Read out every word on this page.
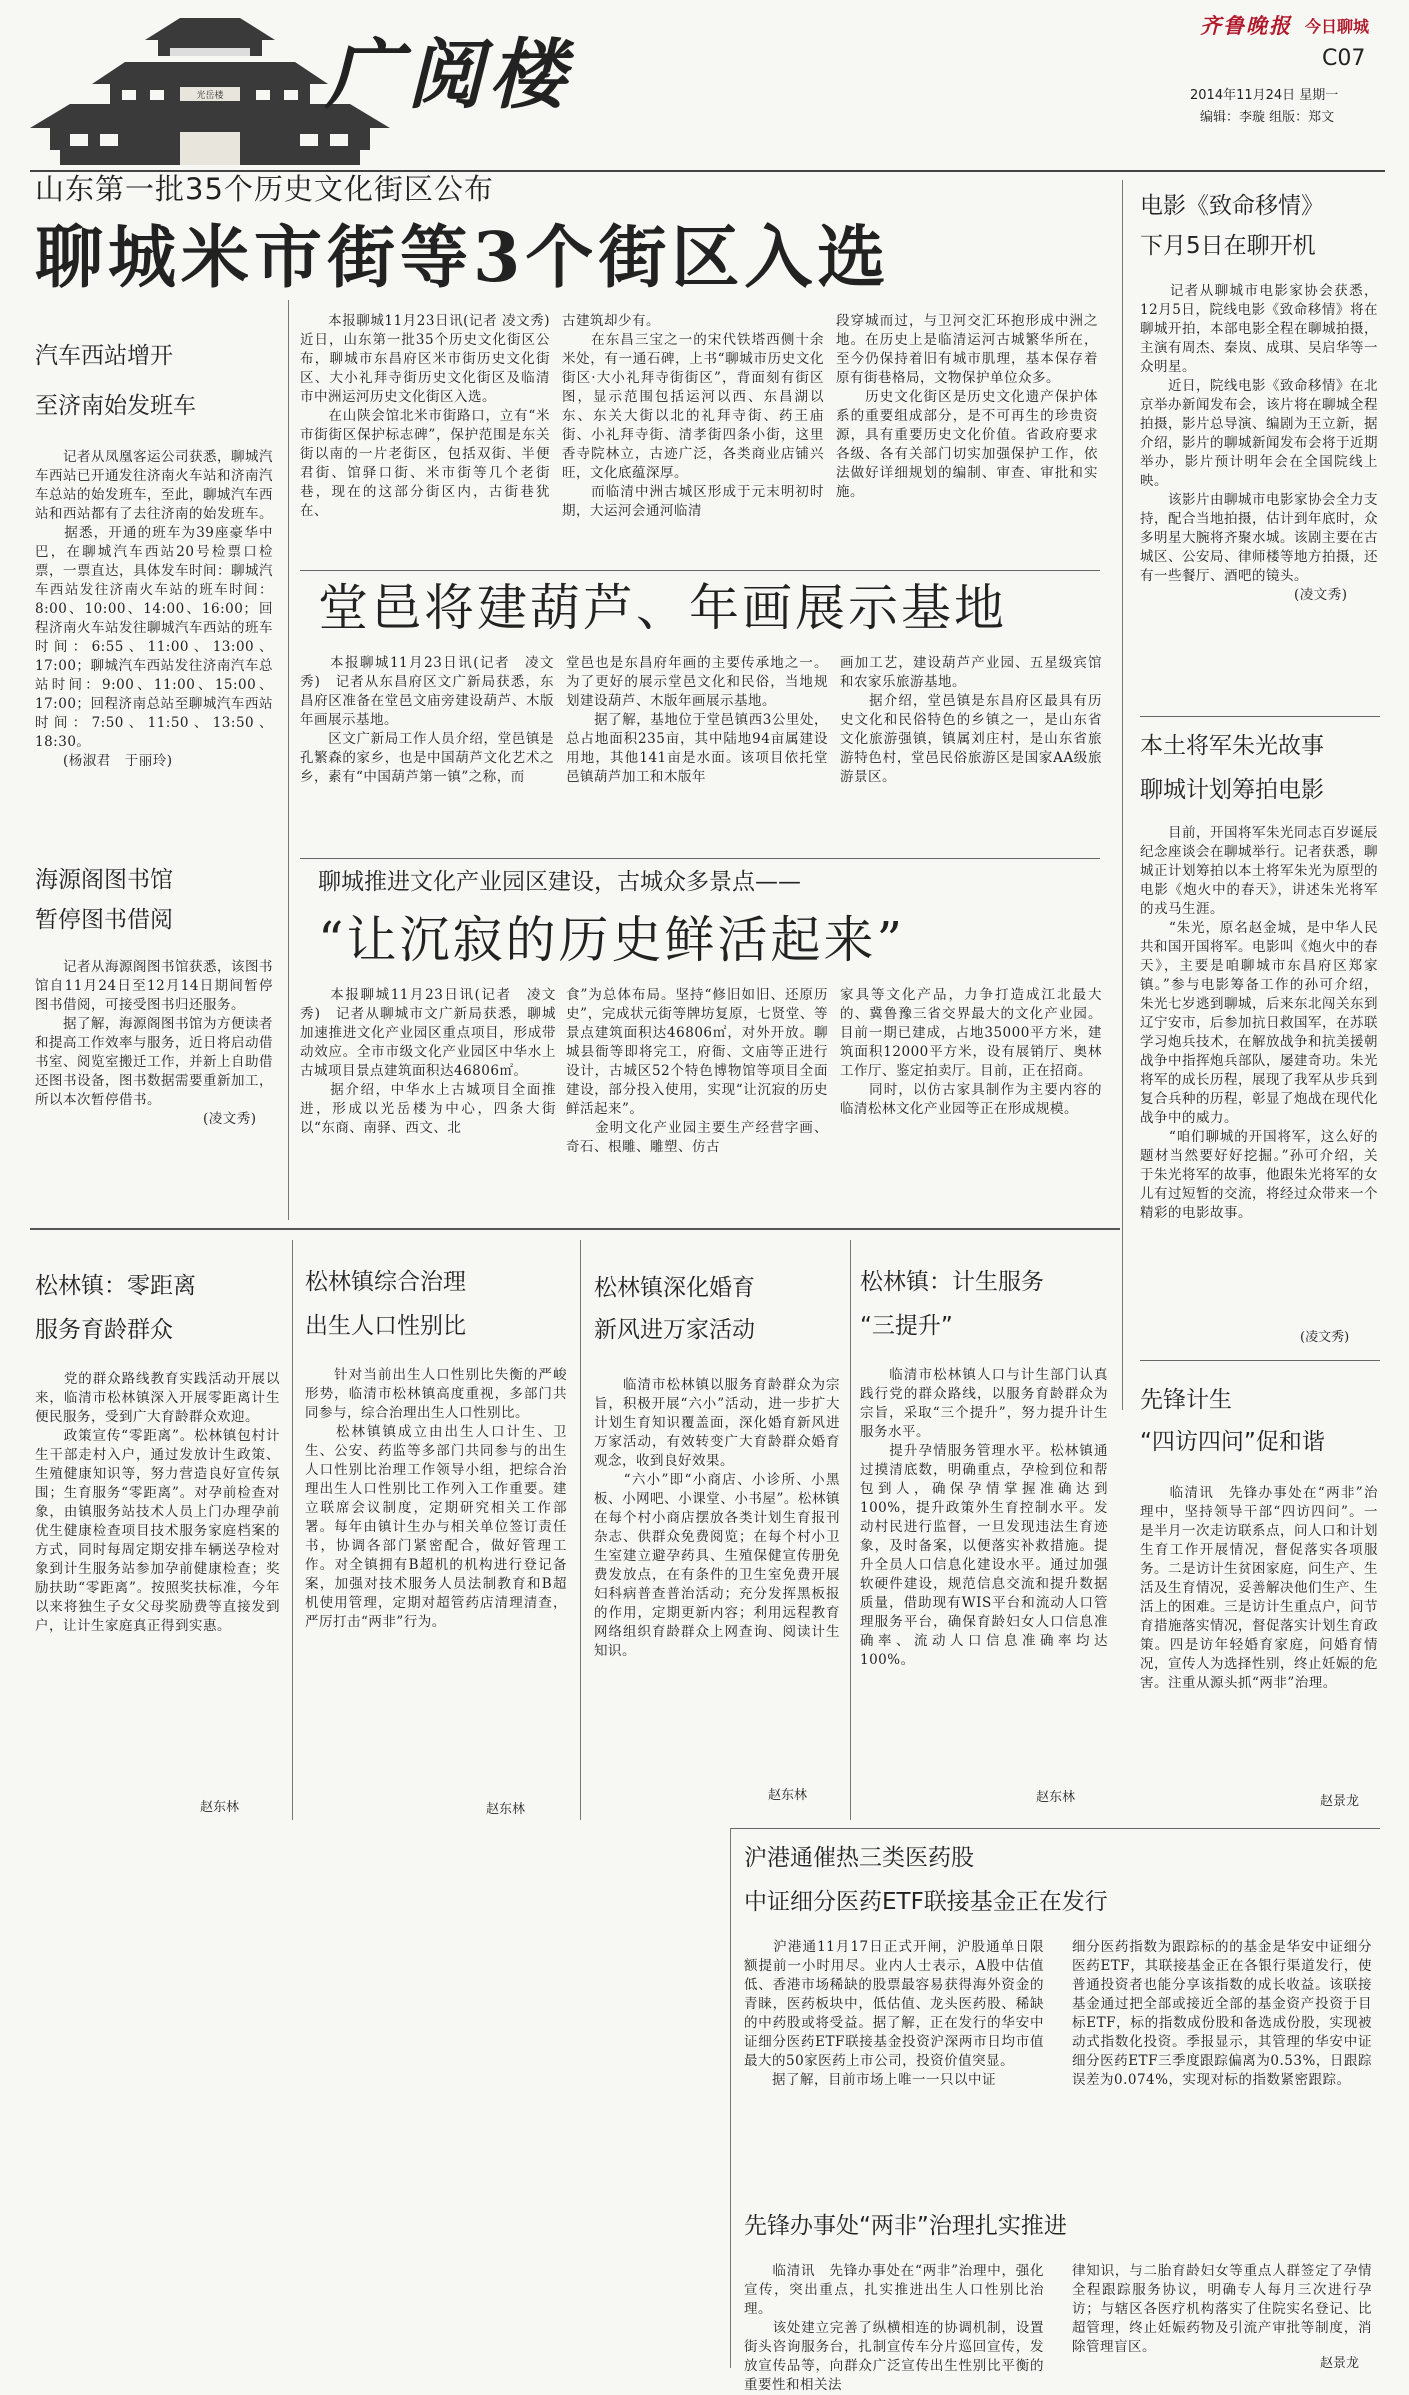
光岳楼 广阅楼
齐鲁晚报 今日聊城
C07
2014年11月24日 星期一
编辑：李璇 组版：郑文
山东第一批35个历史文化街区公布
聊城米市街等3个街区入选

　　本报聊城11月23日讯(记者 凌文秀)　近日，山东第一批35个历史文化街区公布，聊城市东昌府区米市街历史文化街区、大小礼拜寺街历史文化街区及临清市中洲运河历史文化街区入选。
　　在山陕会馆北米市街路口，立有“米市街街区保护标志碑”，保护范围是东关街以南的一片老街区，包括双街、半便君街、馆驿口街、米市街等几个老街巷，现在的这部分街区内，古街巷犹在、

古建筑却少有。
　　在东昌三宝之一的宋代铁塔西侧十余米处，有一通石碑，上书“聊城市历史文化街区·大小礼拜寺街街区”，背面刻有街区图，显示范围包括运河以西、东昌湖以东、东关大街以北的礼拜寺街、药王庙街、小礼拜寺街、清孝街四条小街，这里香寺院林立，古迹广泛，各类商业店铺兴旺，文化底蕴深厚。
　　而临清中洲古城区形成于元末明初时期，大运河会通河临清

段穿城而过，与卫河交汇环抱形成中洲之地。在历史上是临清运河古城繁华所在，至今仍保持着旧有城市肌理，基本保存着原有街巷格局，文物保护单位众多。
　　历史文化街区是历史文化遗产保护体系的重要组成部分，是不可再生的珍贵资源，具有重要历史文化价值。省政府要求各级、各有关部门切实加强保护工作，依法做好详细规划的编制、审查、审批和实施。

汽车西站增开
至济南始发班车

　　记者从凤凰客运公司获悉，聊城汽车西站已开通发往济南火车站和济南汽车总站的始发班车，至此，聊城汽车西站和西站都有了去往济南的始发班车。
　　据悉，开通的班车为39座豪华中巴，在聊城汽车西站20号检票口检票，一票直达，具体发车时间：聊城汽车西站发往济南火车站的班车时间：8:00、10:00、14:00、16:00；回程济南火车站发往聊城汽车西站的班车时间：6:55、11:00、13:00、17:00；聊城汽车西站发往济南汽车总站时间：9:00、11:00、15:00、17:00；回程济南总站至聊城汽车西站时间：7:50、11:50、13:50、18:30。
　　(杨淑君　于丽玲)

海源阁图书馆
暂停图书借阅

　　记者从海源阁图书馆获悉，该图书馆自11月24日至12月14日期间暂停图书借阅，可接受图书归还服务。
　　据了解，海源阁图书馆为方便读者和提高工作效率与服务，近日将启动借书室、阅览室搬迁工作，并新上自助借还图书设备，图书数据需要重新加工，所以本次暂停借书。
　　　　　　　　　　　　(凌文秀)

堂邑将建葫芦、年画展示基地

　　本报聊城11月23日讯(记者　凌文秀)　记者从东昌府区文广新局获悉，东昌府区准备在堂邑文庙旁建设葫芦、木版年画展示基地。
　　区文广新局工作人员介绍，堂邑镇是孔繁森的家乡，也是中国葫芦文化艺术之乡，素有“中国葫芦第一镇”之称，而

堂邑也是东昌府年画的主要传承地之一。为了更好的展示堂邑文化和民俗，当地规划建设葫芦、木版年画展示基地。
　　据了解，基地位于堂邑镇西3公里处，总占地面积235亩，其中陆地94亩属建设用地，其他141亩是水面。该项目依托堂邑镇葫芦加工和木版年

画加工艺，建设葫芦产业园、五星级宾馆和农家乐旅游基地。
　　据介绍，堂邑镇是东昌府区最具有历史文化和民俗特色的乡镇之一，是山东省文化旅游强镇，镇属刘庄村，是山东省旅游特色村，堂邑民俗旅游区是国家AA级旅游景区。

聊城推进文化产业园区建设，古城众多景点——
“让沉寂的历史鲜活起来”

　　本报聊城11月23日讯(记者　凌文秀)　记者从聊城市文广新局获悉，聊城加速推进文化产业园区重点项目，形成带动效应。全市市级文化产业园区中华水上古城项目景点建筑面积达46806㎡。
　　据介绍，中华水上古城项目全面推进，形成以光岳楼为中心，四条大街以“东商、南驿、西文、北

食”为总体布局。坚持“修旧如旧、还原历史”，完成状元街等牌坊复原，七贤堂、等景点建筑面积达46806㎡，对外开放。聊城县衙等即将完工，府衙、文庙等正进行设计，古城区52个特色博物馆等项目全面建设，部分投入使用，实现“让沉寂的历史鲜活起来”。
　　金明文化产业园主要生产经营字画、奇石、根雕、雕塑、仿古

家具等文化产品，力争打造成江北最大的、冀鲁豫三省交界最大的文化产业园。目前一期已建成，占地35000平方米，建筑面积12000平方米，设有展销厅、奥林工作厅、鉴定拍卖厅。目前，正在招商。
　　同时，以仿古家具制作为主要内容的临清松林文化产业园等正在形成规模。

电影《致命移情》
下月5日在聊开机

　　记者从聊城市电影家协会获悉，12月5日，院线电影《致命移情》将在聊城开拍，本部电影全程在聊城拍摄，主演有周杰、秦岚、成琪、吴启华等一众明星。
　　近日，院线电影《致命移情》在北京举办新闻发布会，该片将在聊城全程拍摄，影片总导演、编剧为王立新，据介绍，影片的聊城新闻发布会将于近期举办，影片预计明年会在全国院线上映。
　　该影片由聊城市电影家协会全力支持，配合当地拍摄，估计到年底时，众多明星大腕将齐聚水城。该剧主要在古城区、公安局、律师楼等地方拍摄，还有一些餐厅、酒吧的镜头。
　　　　　　　　　　　(凌文秀)

本土将军朱光故事
聊城计划筹拍电影

　　目前，开国将军朱光同志百岁诞辰纪念座谈会在聊城举行。记者获悉，聊城正计划筹拍以本土将军朱光为原型的电影《炮火中的春天》，讲述朱光将军的戎马生涯。
　　“朱光，原名赵金城，是中华人民共和国开国将军。电影叫《炮火中的春天》，主要是咱聊城市东昌府区郑家镇。”参与电影筹备工作的孙可介绍，朱光七岁逃到聊城，后来东北闯关东到辽宁安市，后参加抗日救国军，在苏联学习炮兵技术，在解放战争和抗美援朝战争中指挥炮兵部队，屡建奇功。朱光将军的成长历程，展现了我军从步兵到复合兵种的历程，彰显了炮战在现代化战争中的威力。
　　“咱们聊城的开国将军，这么好的题材当然要好好挖掘。”孙可介绍，关于朱光将军的故事，他跟朱光将军的女儿有过短暂的交流，将经过众带来一个精彩的电影故事。

(凌文秀)
先锋计生
“四访四问”促和谐

　　临清讯　先锋办事处在“两非”治理中，坚持领导干部“四访四问”。一是半月一次走访联系点，问人口和计划生育工作开展情况，督促落实各项服务。二是访计生贫困家庭，问生产、生活及生育情况，妥善解决他们生产、生活上的困难。三是访计生重点户，问节育措施落实情况，督促落实计划生育政策。四是访年轻婚育家庭，问婚育情况，宣传人为选择性别，终止妊娠的危害。注重从源头抓“两非”治理。

赵景龙
松林镇：零距离
服务育龄群众

　　党的群众路线教育实践活动开展以来，临清市松林镇深入开展零距离计生便民服务，受到广大育龄群众欢迎。
　　政策宣传“零距离”。松林镇包村计生干部走村入户，通过发放计生政策、生殖健康知识等，努力营造良好宣传氛围；生育服务“零距离”。对孕前检查对象，由镇服务站技术人员上门办理孕前优生健康检查项目技术服务家庭档案的方式，同时每周定期安排车辆送孕检对象到计生服务站参加孕前健康检查；奖励扶助“零距离”。按照奖扶标准，今年以来将独生子女父母奖励费等直接发到户，让计生家庭真正得到实惠。

赵东林
松林镇综合治理
出生人口性别比

　　针对当前出生人口性别比失衡的严峻形势，临清市松林镇高度重视，多部门共同参与，综合治理出生人口性别比。
　　松林镇镇成立由出生人口计生、卫生、公安、药监等多部门共同参与的出生人口性别比治理工作领导小组，把综合治理出生人口性别比工作列入工作重要。建立联席会议制度，定期研究相关工作部署。每年由镇计生办与相关单位签订责任书，协调各部门紧密配合，做好管理工作。对全镇拥有B超机的机构进行登记备案，加强对技术服务人员法制教育和B超机使用管理，定期对超管药店清理清查，严厉打击“两非”行为。

赵东林
松林镇深化婚育
新风进万家活动

　　临清市松林镇以服务育龄群众为宗旨，积极开展“六小”活动，进一步扩大计划生育知识覆盖面，深化婚育新风进万家活动，有效转变广大育龄群众婚育观念，收到良好效果。
　　“六小”即“小商店、小诊所、小黑板、小网吧、小课堂、小书屋”。松林镇在每个村小商店摆放各类计划生育报刊杂志、供群众免费阅览；在每个村小卫生室建立避孕药具、生殖保健宣传册免费发放点，在有条件的卫生室免费开展妇科病普查普治活动；充分发挥黑板报的作用，定期更新内容；利用远程教育网络组织育龄群众上网查询、阅读计生知识。

赵东林
松林镇：计生服务
“三提升”

　　临清市松林镇人口与计生部门认真践行党的群众路线，以服务育龄群众为宗旨，采取“三个提升”，努力提升计生服务水平。
　　提升孕情服务管理水平。松林镇通过摸清底数，明确重点，孕检到位和帮包到人，确保孕情掌握准确达到100%，提升政策外生育控制水平。发动村民进行监督，一旦发现违法生育迹象，及时备案，以便落实补救措施。提升全员人口信息化建设水平。通过加强软硬件建设，规范信息交流和提升数据质量，借助现有WIS平台和流动人口管理服务平台，确保育龄妇女人口信息准确率、流动人口信息准确率均达100%。

赵东林
沪港通催热三类医药股
中证细分医药ETF联接基金正在发行

　　沪港通11月17日正式开闸，沪股通单日限额提前一小时用尽。业内人士表示，A股中估值低、香港市场稀缺的股票最容易获得海外资金的青睐，医药板块中，低估值、龙头医药股、稀缺的中药股或将受益。据了解，正在发行的华安中证细分医药ETF联接基金投资沪深两市日均市值最大的50家医药上市公司，投资价值突显。
　　据了解，目前市场上唯一一只以中证

细分医药指数为跟踪标的的基金是华安中证细分医药ETF，其联接基金正在各银行渠道发行，使普通投资者也能分享该指数的成长收益。该联接基金通过把全部或接近全部的基金资产投资于目标ETF，标的指数成份股和备选成份股，实现被动式指数化投资。季报显示，其管理的华安中证细分医药ETF三季度跟踪偏离为0.53%，日跟踪误差为0.074%，实现对标的指数紧密跟踪。

先锋办事处“两非”治理扎实推进

　　临清讯　先锋办事处在“两非”治理中，强化宣传，突出重点，扎实推进出生人口性别比治理。
　　该处建立完善了纵横相连的协调机制，设置街头咨询服务台，扎制宣传车分片巡回宣传，发放宣传品等，向群众广泛宣传出生性别比平衡的重要性和相关法

律知识，与二胎育龄妇女等重点人群签定了孕情全程跟踪服务协议，明确专人每月三次进行孕访；与辖区各医疗机构落实了住院实名登记、比超管理，终止妊娠药物及引流产审批等制度，消除管理盲区。

赵景龙
